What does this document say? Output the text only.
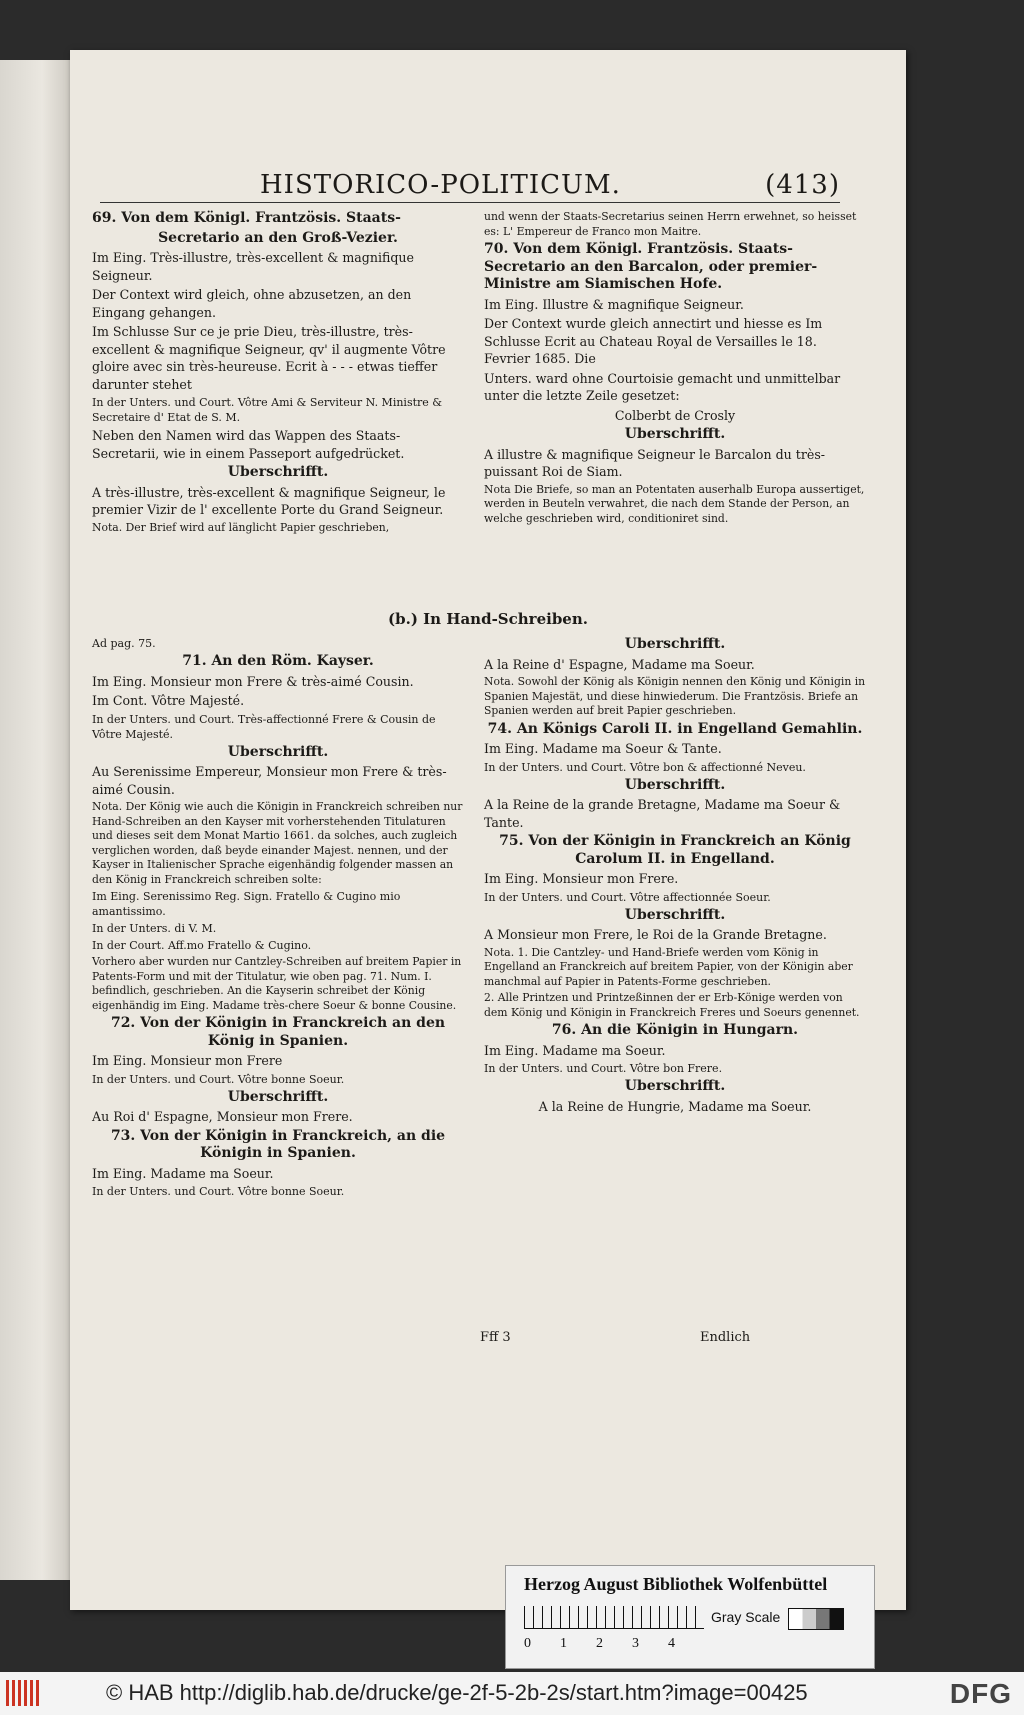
HISTORICO-POLITICUM.	(413)

69. Von dem Königl. Frantzösis. Staats-

Secretario an den Groß-Vezier.

Im Eing. Très-illustre, très-excellent & magnifique Seigneur.

Der Context wird gleich, ohne abzusetzen, an den Eingang gehangen.

Im Schlusse Sur ce je prie Dieu, très-illustre, très-excellent & magnifique Seigneur, qv' il augmente Vôtre gloire avec sin très-heureuse. Ecrit à - - - etwas tieffer darunter stehet

In der Unters. und Court. Vôtre Ami & Serviteur N. Ministre & Secretaire d' Etat de S. M.

Neben den Namen wird das Wappen des Staats-Secretarii, wie in einem Passeport aufgedrücket.

Uberschrifft.

A très-illustre, très-excellent & magnifique Seigneur, le premier Vizir de l' excellente Porte du Grand Seigneur.

Nota. Der Brief wird auf länglicht Papier geschrieben,

und wenn der Staats-Secretarius seinen Herrn erwehnet, so heisset es: L' Empereur de Franco mon Maitre.

70. Von dem Königl. Frantzösis. Staats-Secretario an den Barcalon, oder premier-Ministre am Siamischen Hofe.

Im Eing. Illustre & magnifique Seigneur.

Der Context wurde gleich annectirt und hiesse es Im Schlusse Ecrit au Chateau Royal de Versailles le 18. Fevrier 1685. Die

Unters. ward ohne Courtoisie gemacht und unmittelbar unter die letzte Zeile gesetzet:

Colberbt de Crosly

Uberschrifft.

A illustre & magnifique Seigneur le Barcalon du très-puissant Roi de Siam.

Nota Die Briefe, so man an Potentaten auserhalb Europa aussertiget, werden in Beuteln verwahret, die nach dem Stande der Person, an welche geschrieben wird, conditioniret sind.

(b.) In Hand-Schreiben.

Ad pag. 75.

71. An den Röm. Kayser.

Im Eing. Monsieur mon Frere & très-aimé Cousin.

Im Cont. Vôtre Majesté.

In der Unters. und Court. Très-affectionné Frere & Cousin de Vôtre Majesté.

Uberschrifft.

Au Serenissime Empereur, Monsieur mon Frere & très-aimé Cousin.

Nota. Der König wie auch die Königin in Franckreich schreiben nur Hand-Schreiben an den Kayser mit vorherstehenden Titulaturen und dieses seit dem Monat Martio 1661. da solches, auch zugleich verglichen worden, daß beyde einander Majest. nennen, und der Kayser in Italienischer Sprache eigenhändig folgender massen an den König in Franckreich schreiben solte:

Im Eing. Serenissimo Reg. Sign. Fratello & Cugino mio amantissimo.

In der Unters. di V. M.

In der Court. Aff.mo Fratello & Cugino.

Vorhero aber wurden nur Cantzley-Schreiben auf breitem Papier in Patents-Form und mit der Titulatur, wie oben pag. 71. Num. I. befindlich, geschrieben. An die Kayserin schreibet der König eigenhändig im Eing. Madame très-chere Soeur & bonne Cousine.

72. Von der Königin in Franckreich an den König in Spanien.

Im Eing. Monsieur mon Frere

In der Unters. und Court. Vôtre bonne Soeur.

Uberschrifft.

Au Roi d' Espagne, Monsieur mon Frere.

73. Von der Königin in Franckreich, an die Königin in Spanien.

Im Eing. Madame ma Soeur.

In der Unters. und Court. Vôtre bonne Soeur.

Uberschrifft.

A la Reine d' Espagne, Madame ma Soeur.

Nota. Sowohl der König als Königin nennen den König und Königin in Spanien Majestät, und diese hinwiederum. Die Frantzösis. Briefe an Spanien werden auf breit Papier geschrieben.

74. An Königs Caroli II. in Engelland Gemahlin.

Im Eing. Madame ma Soeur & Tante.

In der Unters. und Court. Vôtre bon & affectionné Neveu.

Uberschrifft.

A la Reine de la grande Bretagne, Madame ma Soeur & Tante.

75. Von der Königin in Franckreich an König Carolum II. in Engelland.

Im Eing. Monsieur mon Frere.

In der Unters. und Court. Vôtre affectionnée Soeur.

Uberschrifft.

A Monsieur mon Frere, le Roi de la Grande Bretagne.

Nota. 1. Die Cantzley- und Hand-Briefe werden vom König in Engelland an Franckreich auf breitem Papier, von der Königin aber manchmal auf Papier in Patents-Forme geschrieben.

2. Alle Printzen und Printzeßinnen der er Erb-Könige werden von dem König und Königin in Franckreich Freres und Soeurs genennet.

76. An die Königin in Hungarn.

Im Eing. Madame ma Soeur.

In der Unters. und Court. Vôtre bon Frere.

Uberschrifft.

A la Reine de Hungrie, Madame ma Soeur.

Fff 3	Endlich
Herzog August Bibliothek Wolfenbüttel
0 1 2 3 4
Gray Scale
© HAB http://diglib.hab.de/drucke/ge-2f-5-2b-2s/start.htm?image=00425	DFG
